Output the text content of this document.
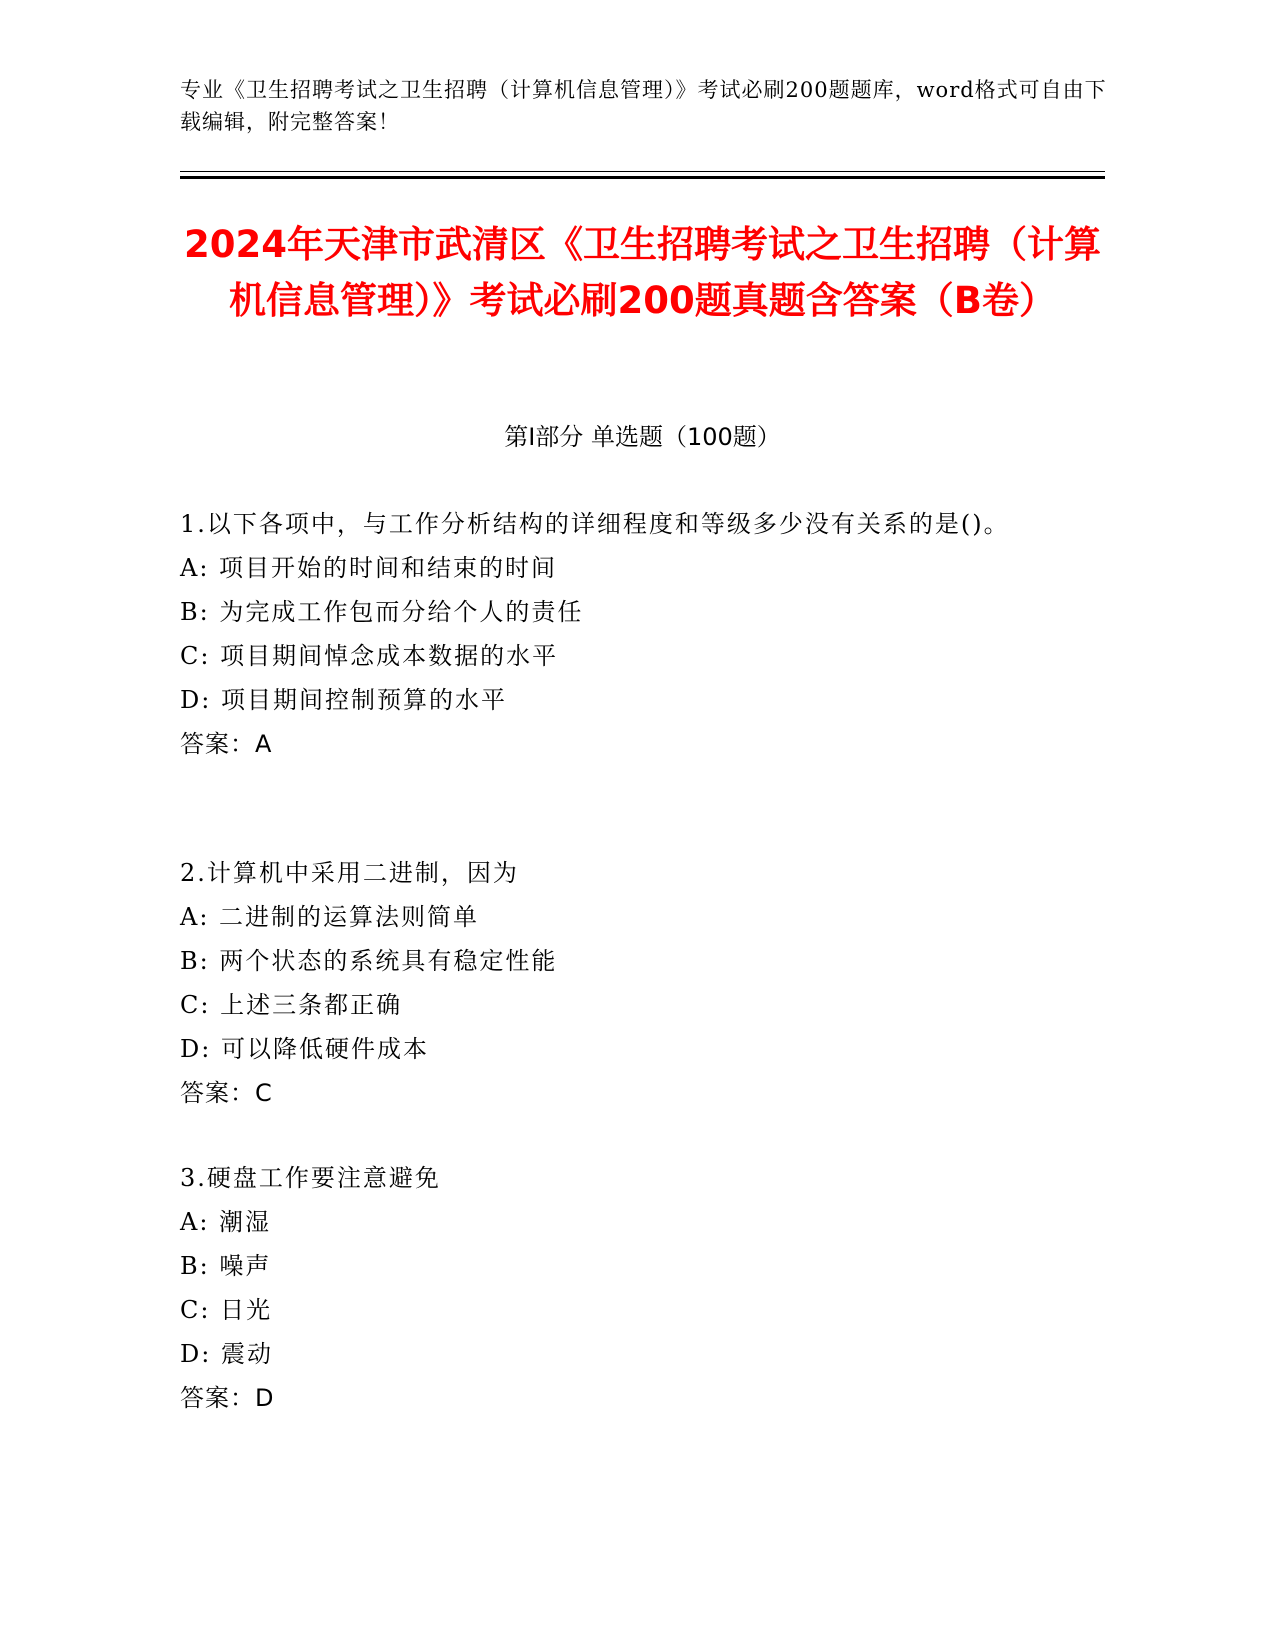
专业《卫生招聘考试之卫生招聘（计算机信息管理）》考试必刷200题题库，word格式可自由下载编辑，附完整答案！
2024年天津市武清区《卫生招聘考试之卫生招聘（计算机信息管理）》考试必刷200题真题含答案（B卷）
第Ⅰ部分 单选题（100题）
1.以下各项中，与工作分析结构的详细程度和等级多少没有关系的是()。
A: 项目开始的时间和结束的时间
B: 为完成工作包而分给个人的责任
C: 项目期间悼念成本数据的水平
D: 项目期间控制预算的水平
答案：A
2.计算机中采用二进制，因为
A: 二进制的运算法则简单
B: 两个状态的系统具有稳定性能
C: 上述三条都正确
D: 可以降低硬件成本
答案：C
3.硬盘工作要注意避免
A: 潮湿
B: 噪声
C: 日光
D: 震动
答案：D
